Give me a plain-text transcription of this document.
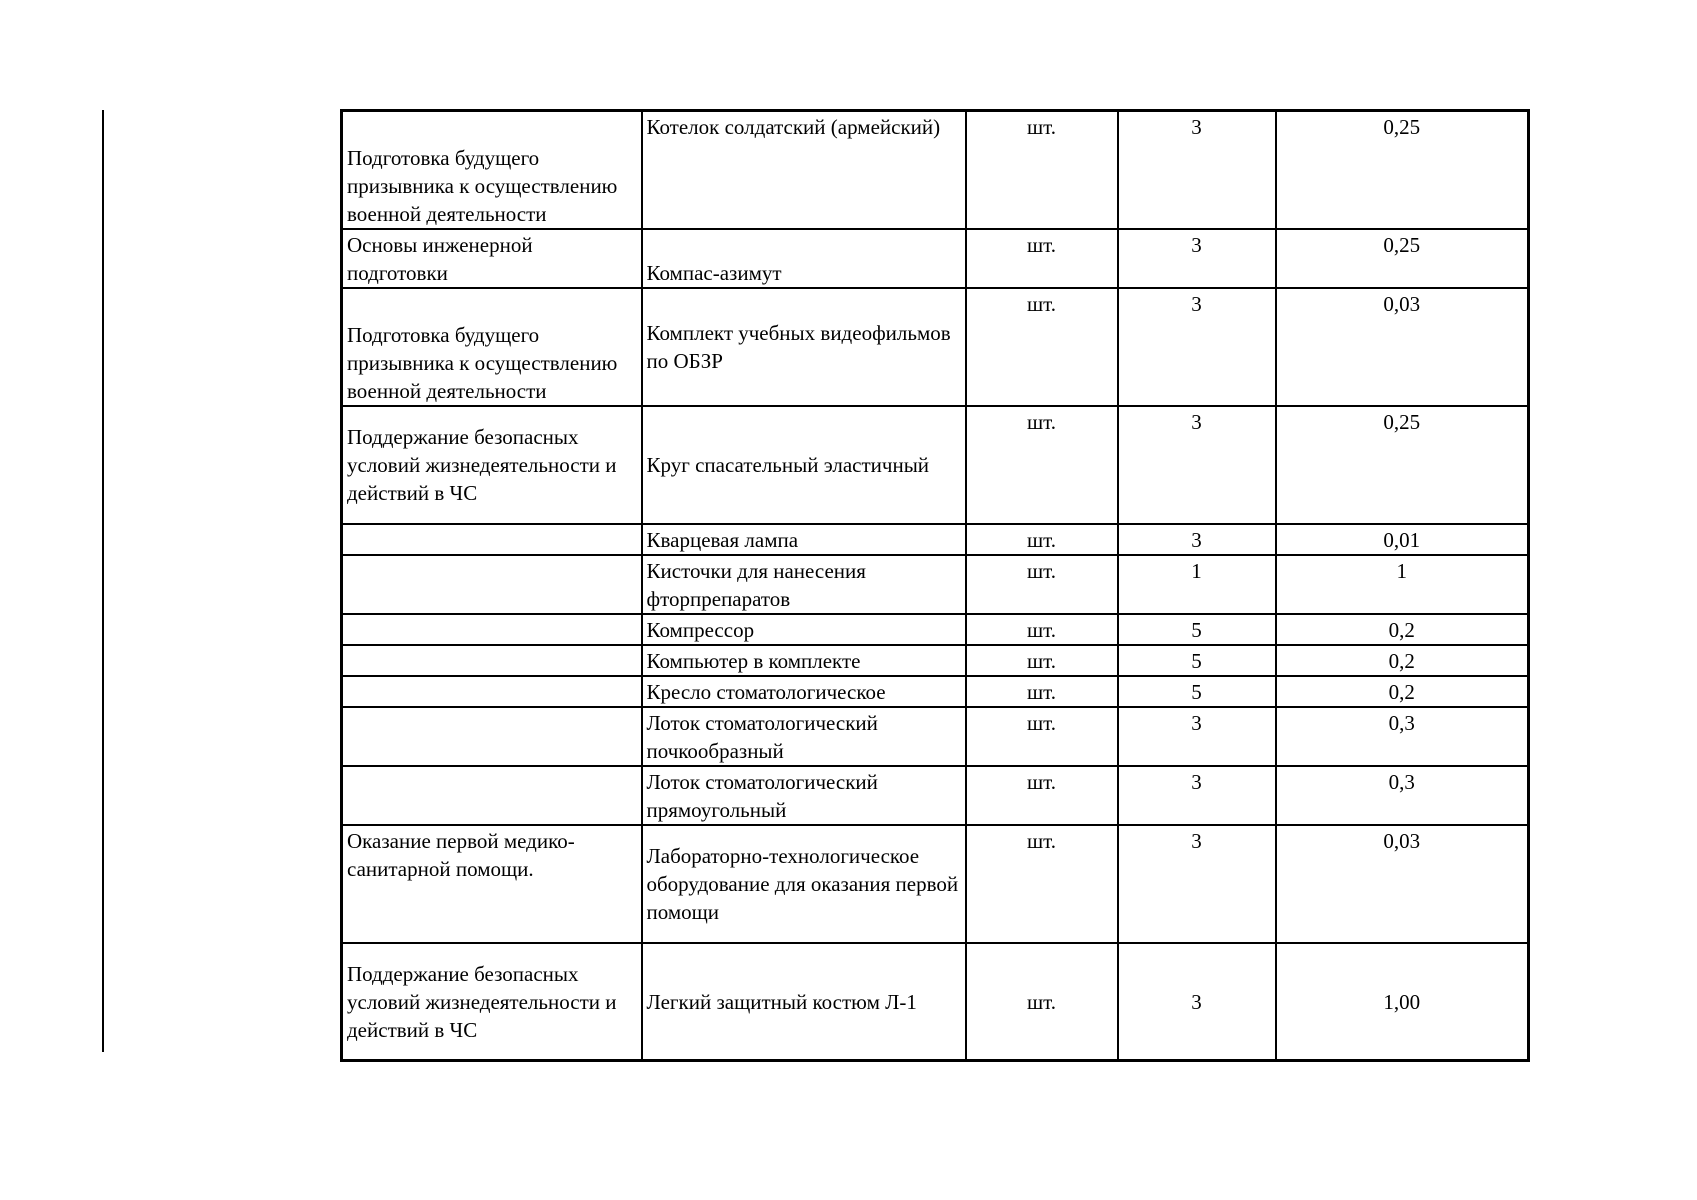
Подготовка будущего призывника к осуществлению военной деятельности	Котелок солдатский (армейский)	шт.	3	0,25
Основы инженерной подготовки	Компас-азимут	шт.	3	0,25
Подготовка будущего призывника к осуществлению военной деятельности	Комплект учебных видеофильмов по ОБЗР	шт.	3	0,03
Поддержание безопасных условий жизнедеятельности и действий в ЧС	Круг спасательный эластичный	шт.	3	0,25
	Кварцевая лампа	шт.	3	0,01
	Кисточки для нанесения фторпрепаратов	шт.	1	1
	Компрессор	шт.	5	0,2
	Компьютер в комплекте	шт.	5	0,2
	Кресло стоматологическое	шт.	5	0,2
	Лоток стоматологический почкообразный	шт.	3	0,3
	Лоток стоматологический прямоугольный	шт.	3	0,3
Оказание первой медико-санитарной помощи.	Лабораторно-технологическое оборудование для оказания первой помощи	шт.	3	0,03
Поддержание безопасных условий жизнедеятельности и действий в ЧС	Легкий защитный костюм Л-1	шт.	3	1,00
